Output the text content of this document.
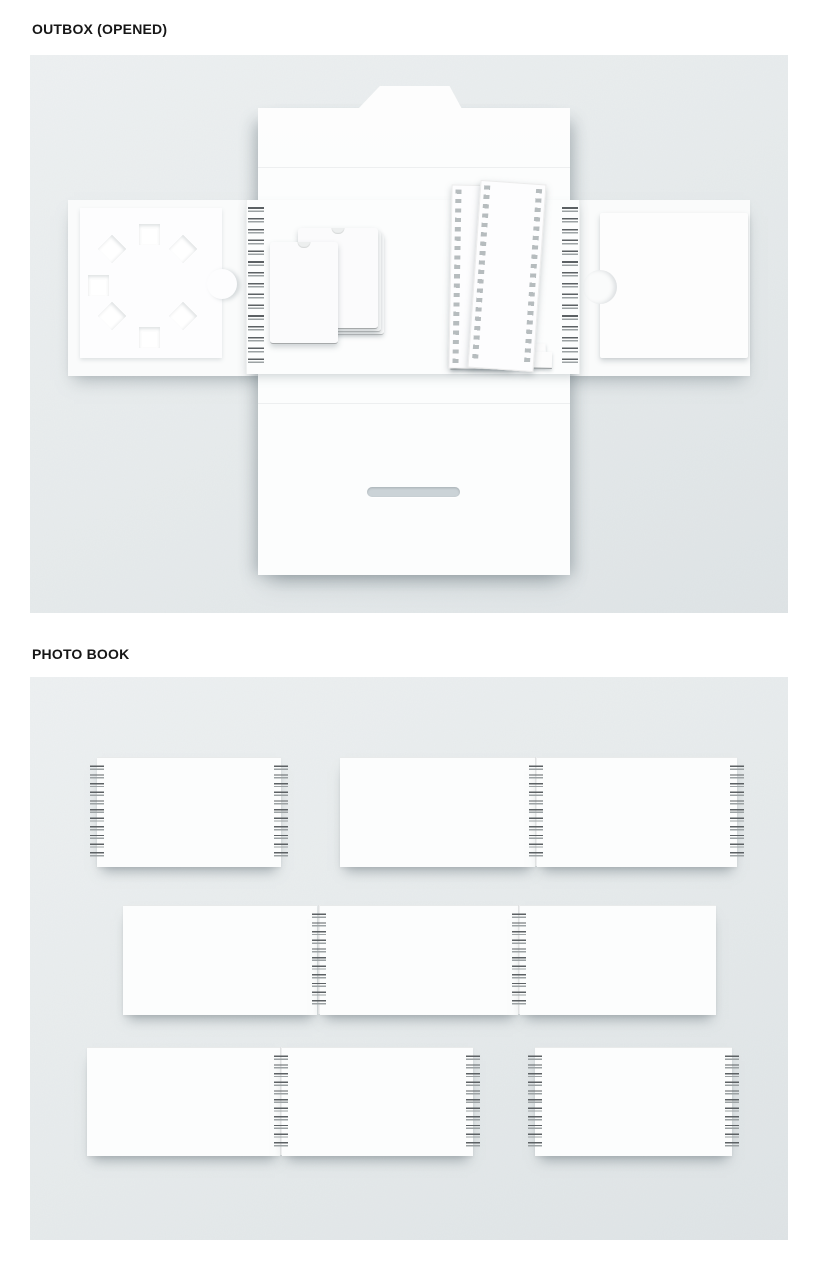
OUTBOX (OPENED)
PHOTO BOOK
